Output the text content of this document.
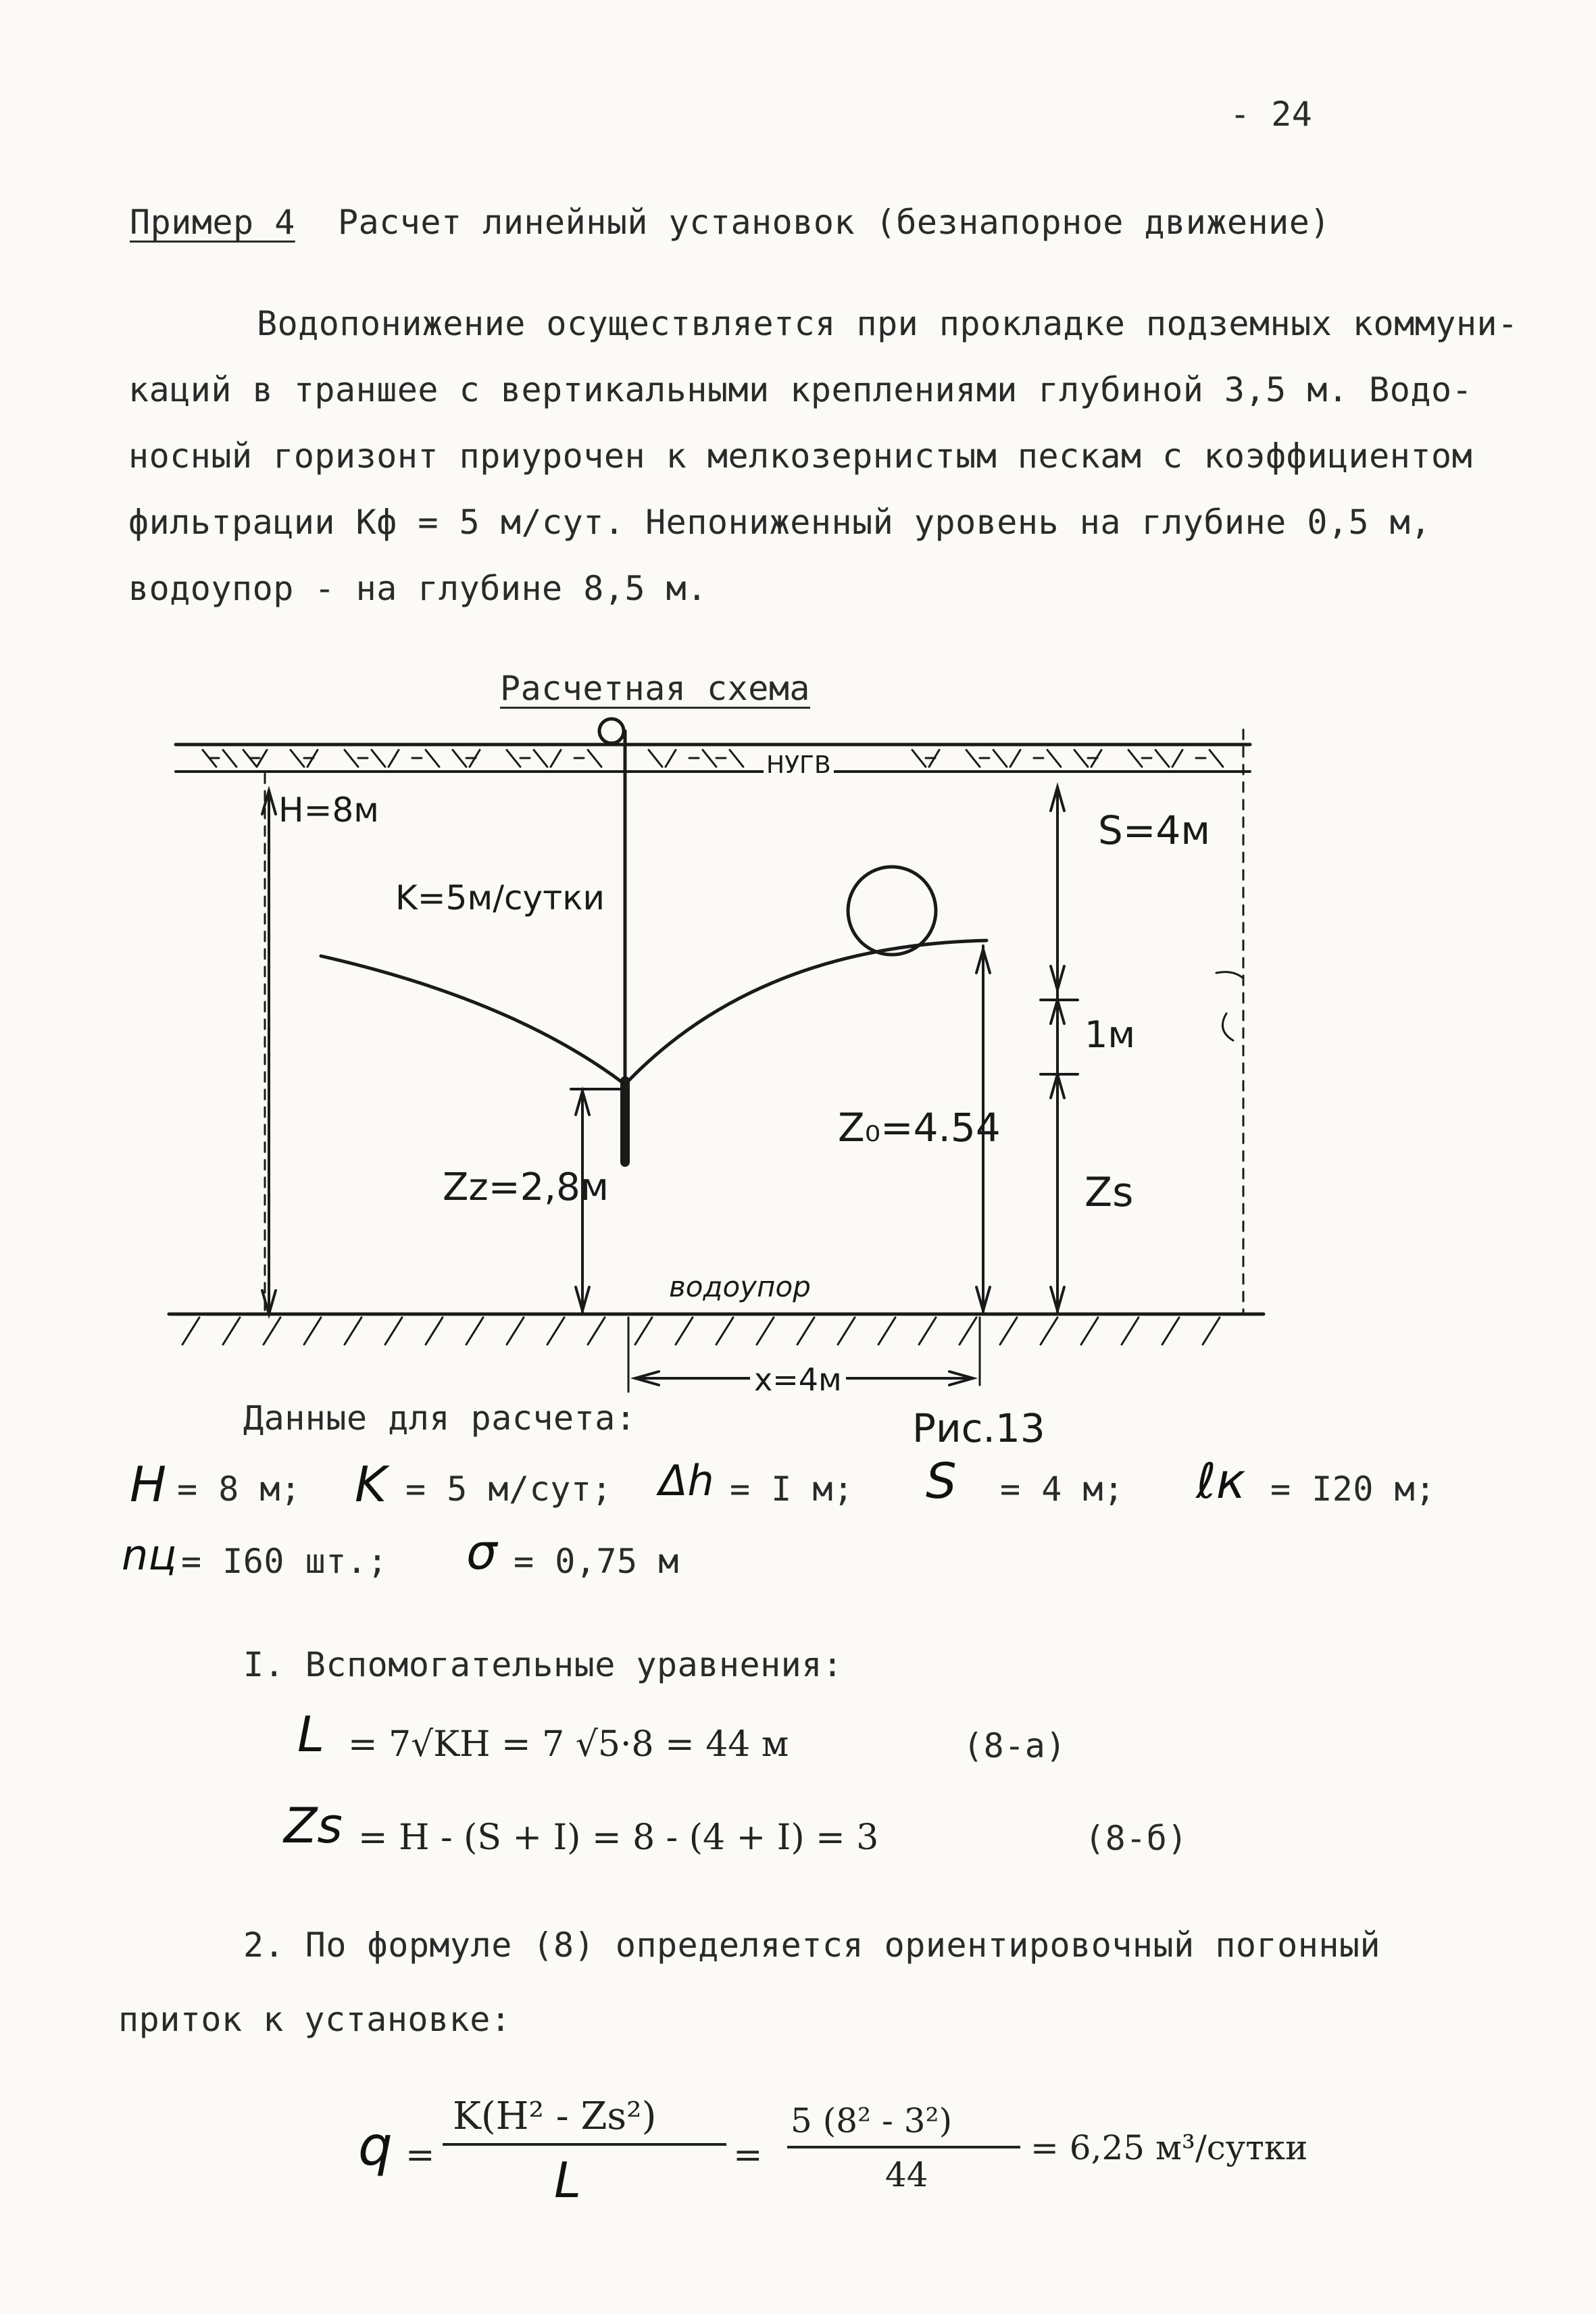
- 24
Пример 4 Расчет линейный установок (безнапорное движение)
Водопонижение осуществляется при прокладке подземных коммуни-
каций в траншее с вертикальными креплениями глубиной 3,5 м. Водо-
носный горизонт приурочен к мелкозернистым пескам с коэффициентом
фильтрации Кф = 5 м/сут. Непониженный уровень на глубине 0,5 м,
водоупор - на глубине 8,5 м.
Расчетная схема
НУГВ
H=8м
K=5м/сутки
S=4м
1м
Z₀=4.54
Zz=2,8м	Zs
водоупор
x=4м
Рис.13
Данные для расчета:
H = 8 м; K = 5 м/сут; Δh = I м; S = 4 м; ℓк = I20 м;
nц = I60 шт.; σ = 0,75 м
I. Вспомогательные уравнения:
L = 7√KH = 7 √5·8 = 44 м	(8-а)
Zs = H - (S + I) = 8 - (4 + I) = 3	(8-б)
2. По формуле (8) определяется ориентировочный погонный
приток к установке:
q =
K(H² - Zs²)
L	=
5 (8² - 3²)
44
= 6,25 м³/сутки
